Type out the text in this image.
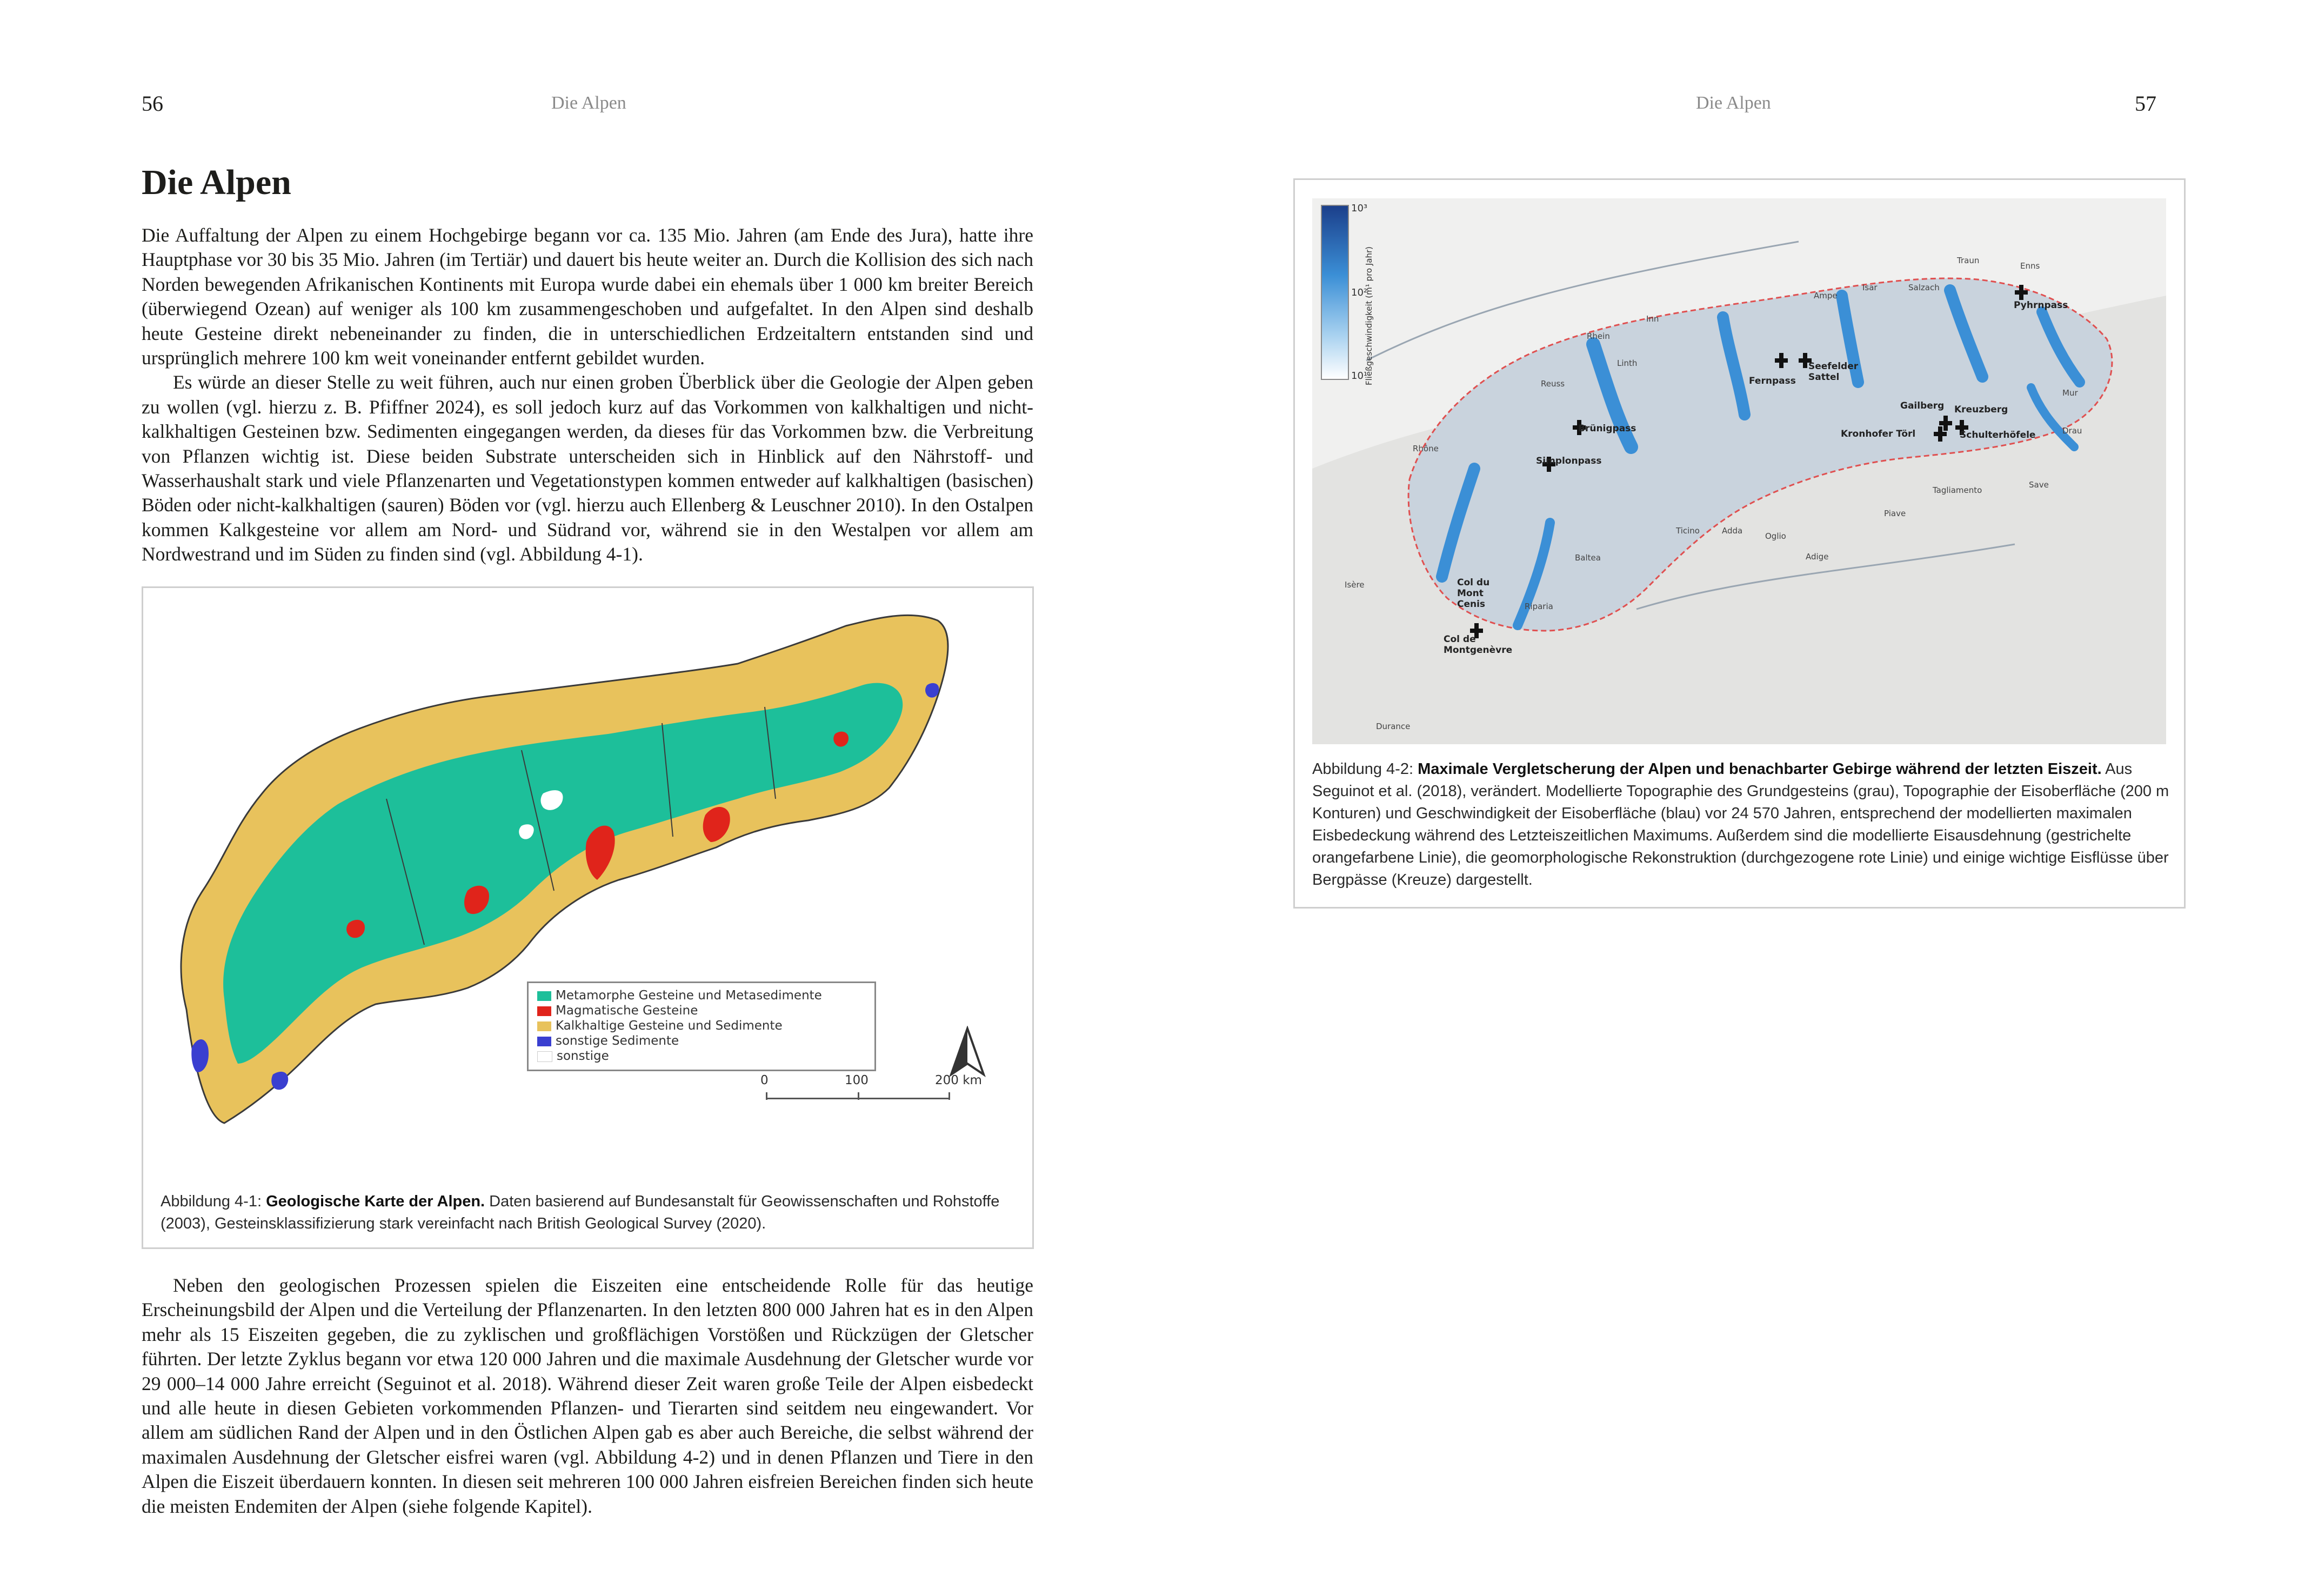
56	Die Alpen
Die Alpen

Die Auffaltung der Alpen zu einem Hochgebirge begann vor ca. 135 Mio. Jahren (am Ende des Jura), hatte ihre Hauptphase vor 30 bis 35 Mio. Jahren (im Tertiär) und dauert bis heute weiter an. Durch die Kollision des sich nach Norden bewegenden Afrikanischen Kontinents mit Europa wurde dabei ein ehemals über 1 000 km breiter Bereich (überwiegend Ozean) auf weniger als 100 km zusammengeschoben und aufgefaltet. In den Alpen sind deshalb heute Gesteine direkt nebeneinander zu finden, die in unterschiedlichen Erdzeitaltern entstanden sind und ursprünglich mehrere 100 km weit voneinander entfernt gebildet wurden.

Es würde an dieser Stelle zu weit führen, auch nur einen groben Überblick über die Geologie der Alpen geben zu wollen (vgl. hierzu z. B. Pfiffner 2024), es soll jedoch kurz auf das Vorkommen von kalkhaltigen und nicht-kalkhaltigen Gesteinen bzw. Sedimenten eingegangen werden, da dieses für das Vorkommen bzw. die Verbreitung von Pflanzen wichtig ist. Diese beiden Substrate unterscheiden sich in Hinblick auf den Nährstoff- und Wasserhaushalt stark und viele Pflanzenarten und Vegetationstypen kommen entweder auf kalkhaltigen (basischen) Böden oder nicht-kalkhaltigen (sauren) Böden vor (vgl. hierzu auch Ellenberg & Leuschner 2010). In den Ostalpen kommen Kalkgesteine vor allem am Nord- und Südrand vor, während sie in den Westalpen vor allem am Nordwestrand und im Süden zu finden sind (vgl. Abbildung 4-1).

Metamorphe Gesteine und Metasedimente
Magmatische Gesteine
Kalkhaltige Gesteine und Sedimente
sonstige Sedimente
sonstige
0	100	200 km
Abbildung 4-1: Geologische Karte der Alpen. Daten basierend auf Bundesanstalt für Geowissenschaften und Rohstoffe (2003), Gesteinsklassifizierung stark vereinfacht nach British Geological Survey (2020).

Neben den geologischen Prozessen spielen die Eiszeiten eine entscheidende Rolle für das heutige Erscheinungsbild der Alpen und die Verteilung der Pflanzenarten. In den letzten 800 000 Jahren hat es in den Alpen mehr als 15 Eiszeiten gegeben, die zu zyklischen und großflächigen Vorstößen und Rückzügen der Gletscher führten. Der letzte Zyklus begann vor etwa 120 000 Jahren und die maximale Ausdehnung der Gletscher wurde vor 29 000–14 000 Jahre erreicht (Seguinot et al. 2018). Während dieser Zeit waren große Teile der Alpen eisbedeckt und alle heute in diesen Gebieten vorkommenden Pflanzen- und Tierarten sind seitdem neu eingewandert. Vor allem am südlichen Rand der Alpen und in den Östlichen Alpen gab es aber auch Bereiche, die selbst während der maximalen Ausdehnung der Gletscher eisfrei waren (vgl. Abbildung 4-2) und in denen Pflanzen und Tiere in den Alpen die Eiszeit überdauern konnten. In diesen seit mehreren 100 000 Jahren eisfreien Bereichen finden sich heute die meisten Endemiten der Alpen (siehe folgende Kapitel).

Die Alpen	57
10³
10²
10¹
Fließgeschwindigkeit (m¹ pro Jahr)	Fernpass
Seefelder Sattel
Brünigpass
Simplonpass
Col du Mont Cenis
Col de Montgenèvre
Pyhrnpass
Gailberg Kreuzberg
Kronhofer Törl	Schulterhöfele
Rhein
Inn
Isar	Salzach
Traun
Enns
Ampe
Mur
Drau
Save
Piave
Tagliamento
Adige
Oglio
Adda
Ticino
Baltea
Riparia
Isère
Rhône
Reuss
Linth
Durance
Abbildung 4-2: Maximale Vergletscherung der Alpen und benachbarter Gebirge während der letzten Eiszeit. Aus Seguinot et al. (2018), verändert. Modellierte Topographie des Grundgesteins (grau), Topographie der Eisoberfläche (200 m Konturen) und Geschwindigkeit der Eisoberfläche (blau) vor 24 570 Jahren, entsprechend der modellierten maximalen Eisbedeckung während des Letzteiszeitlichen Maximums. Außerdem sind die modellierte Eisausdehnung (gestrichelte orangefarbene Linie), die geomorphologische Rekonstruktion (durchgezogene rote Linie) und einige wichtige Eisflüsse über Bergpässe (Kreuze) dargestellt.
